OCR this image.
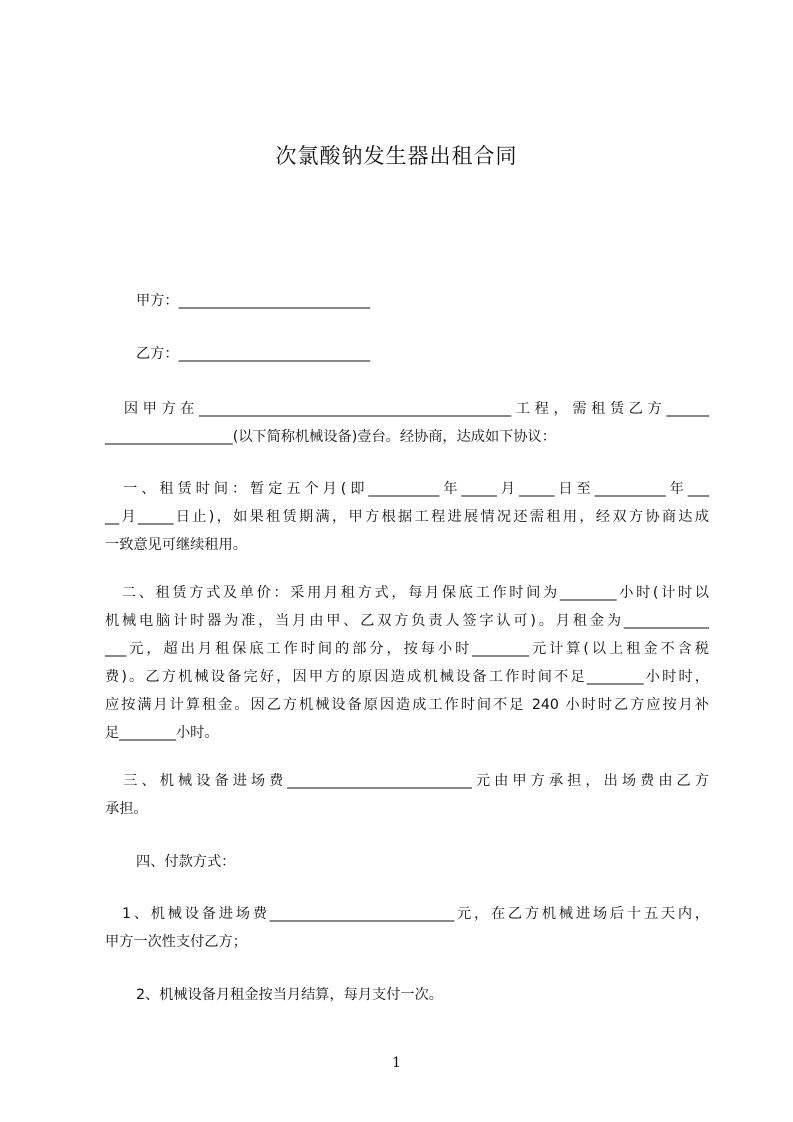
次氯酸钠发生器出租合同
甲方：___________________________
乙方：___________________________
　因甲方在____________________________________________工程，需租赁乙方______
__________________(以下简称机械设备)壹台。经协商，达成如下协议：
　一、租赁时间：暂定五个月(即__________年_____月_____日至__________年___
__月_____日止)，如果租赁期满，甲方根据工程进展情况还需租用，经双方协商达成
一致意见可继续租用。
　二、租赁方式及单价：采用月租方式，每月保底工作时间为________小时(计时以
机械电脑计时器为准，当月由甲、乙双方负责人签字认可)。月租金为____________
___元，超出月租保底工作时间的部分，按每小时________元计算(以上租金不含税
费)。乙方机械设备完好，因甲方的原因造成机械设备工作时间不足________小时时，
应按满月计算租金。因乙方机械设备原因造成工作时间不足 240 小时时乙方应按月补
足________小时。
　三、机械设备进场费__________________________元由甲方承担，出场费由乙方
承担。
四、付款方式：
　1、机械设备进场费__________________________元，在乙方机械进场后十五天内，
甲方一次性支付乙方；
2、机械设备月租金按当月结算，每月支付一次。
1
